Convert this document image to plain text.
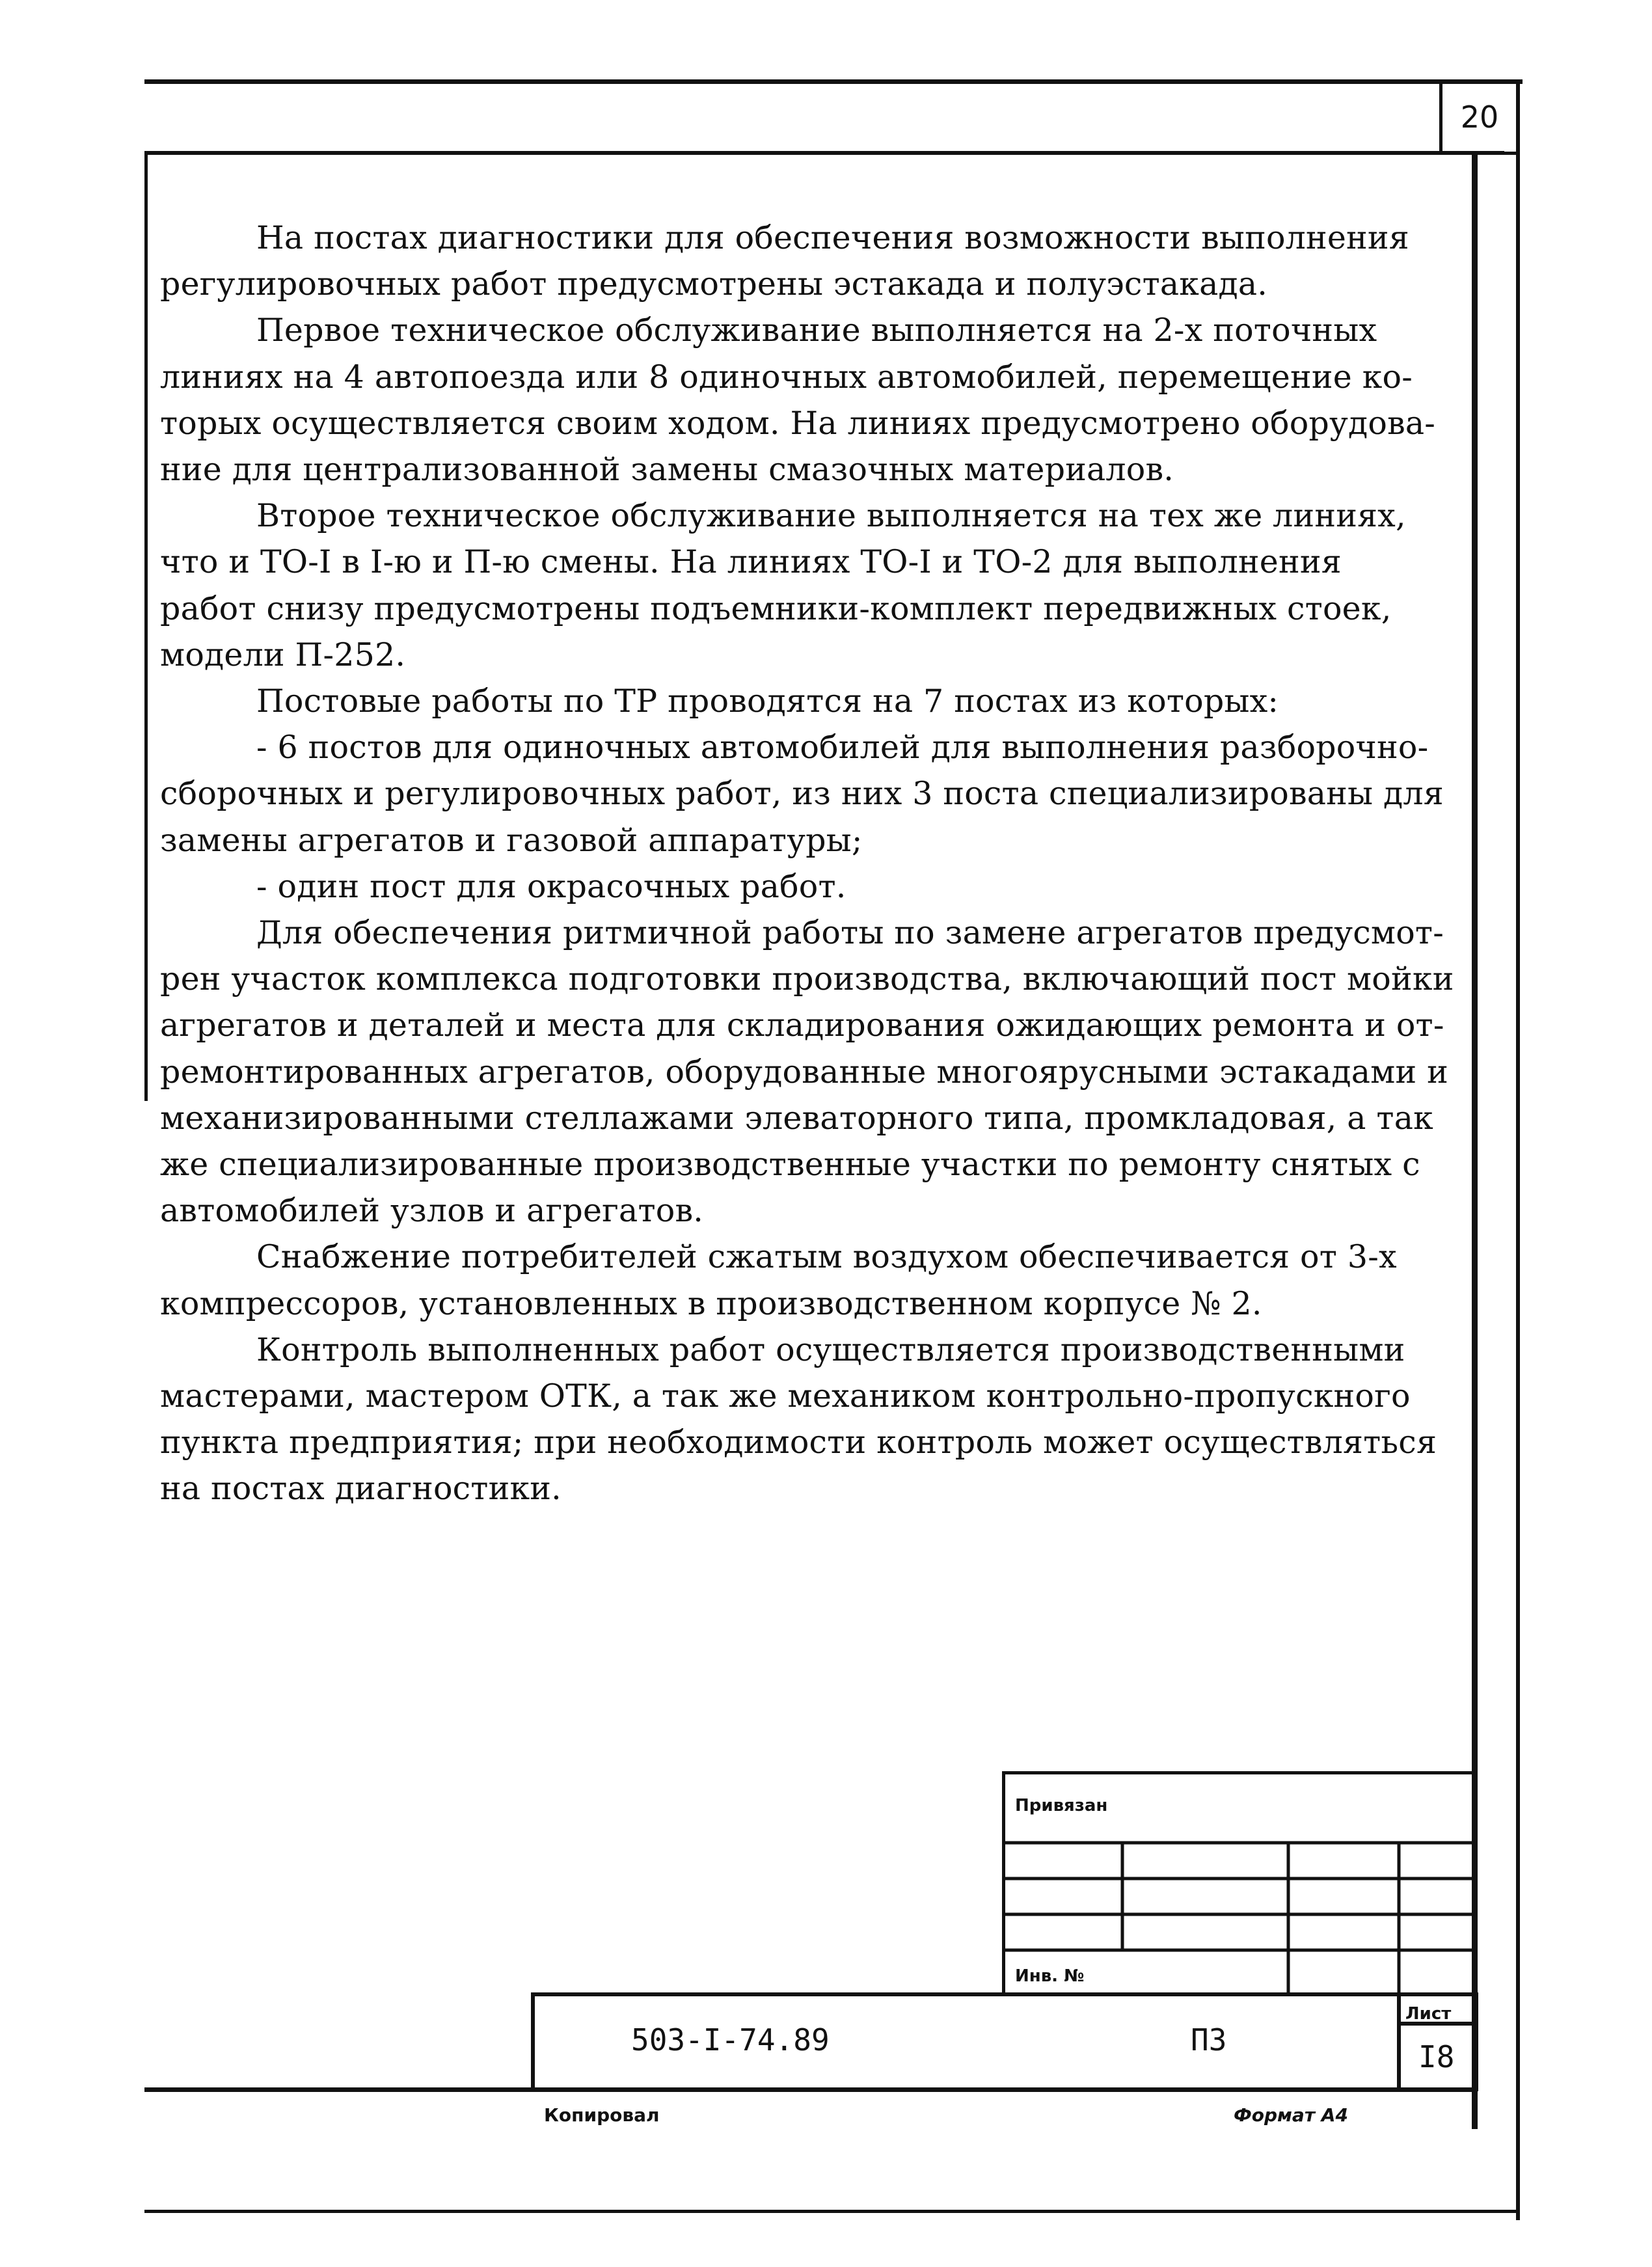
20
На постах диагностики для обеспечения возможности выполнения
регулировочных работ предусмотрены эстакада и полуэстакада.
Первое техническое обслуживание выполняется на 2-х поточных
линиях на 4 автопоезда или 8 одиночных автомобилей, перемещение ко-
торых осуществляется своим ходом. На линиях предусмотрено оборудова-
ние для централизованной замены смазочных материалов.
Второе техническое обслуживание выполняется на тех же линиях,
что и ТО-I в I-ю и П-ю смены. На линиях ТО-I и ТО-2 для выполнения
работ снизу предусмотрены подъемники-комплект передвижных стоек,
модели П-252.
Постовые работы по ТР проводятся на 7 постах из которых:
- 6 постов для одиночных автомобилей для выполнения разборочно-
сборочных и регулировочных работ, из них 3 поста специализированы для
замены агрегатов и газовой аппаратуры;
- один пост для окрасочных работ.
Для обеспечения ритмичной работы по замене агрегатов предусмот-
рен участок комплекса подготовки производства, включающий пост мойки
агрегатов и деталей и места для складирования ожидающих ремонта и от-
ремонтированных агрегатов, оборудованные многоярусными эстакадами и
механизированными стеллажами элеваторного типа, промкладовая, а так
же специализированные производственные участки по ремонту снятых с
автомобилей узлов и агрегатов.
Снабжение потребителей сжатым воздухом обеспечивается от 3-х
компрессоров, установленных в производственном корпусе № 2.
Контроль выполненных работ осуществляется производственными
мастерами, мастером ОТК, а так же механиком контрольно-пропускного
пункта предприятия; при необходимости контроль может осуществляться
на постах диагностики.
Привязан
Инв. №
503-I-74.89	ПЗ
Лист
I8
Копировал	Формат А4
